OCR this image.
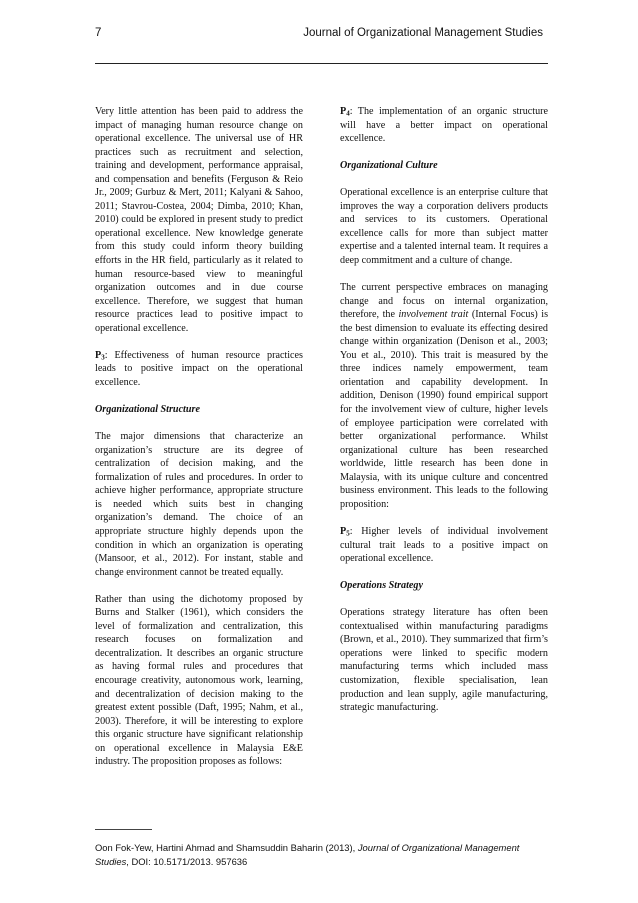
7	Journal of Organizational Management Studies

Very little attention has been paid to address the impact of managing human resource change on operational excellence. The universal use of HR practices such as recruitment and selection, training and development, performance appraisal, and compensation and benefits (Ferguson & Reio Jr., 2009; Gurbuz & Mert, 2011; Kalyani & Sahoo, 2011; Stavrou-Costea, 2004; Dimba, 2010; Khan, 2010) could be explored in present study to predict operational excellence. New knowledge generate from this study could inform theory building efforts in the HR field, particularly as it related to human resource-based view to meaningful organization outcomes and in due course excellence. Therefore, we suggest that human resource practices lead to positive impact to operational excellence.

$P_3$: Effectiveness of human resource practices leads to positive impact on the operational excellence.

Organizational Structure

The major dimensions that characterize an organization’s structure are its degree of centralization of decision making, and the formalization of rules and procedures. In order to achieve higher performance, appropriate structure is needed which suits best in changing organization’s demand. The choice of an appropriate structure highly depends upon the condition in which an organization is operating (Mansoor, et al., 2012). For instant, stable and change environment cannot be treated equally.

Rather than using the dichotomy proposed by Burns and Stalker (1961), which considers the level of formalization and centralization, this research focuses on formalization and decentralization. It describes an organic structure as having formal rules and procedures that encourage creativity, autonomous work, learning, and decentralization of decision making to the greatest extent possible (Daft, 1995; Nahm, et al., 2003). Therefore, it will be interesting to explore this organic structure have significant relationship on operational excellence in Malaysia E&E industry. The proposition proposes as follows:

$P_4$: The implementation of an organic structure will have a better impact on operational excellence.

Organizational Culture

Operational excellence is an enterprise culture that improves the way a corporation delivers products and services to its customers. Operational excellence calls for more than subject matter expertise and a talented internal team. It requires a deep commitment and a culture of change.

The current perspective embraces on managing change and focus on internal organization, therefore, the involvement trait (Internal Focus) is the best dimension to evaluate its effecting desired change within organization (Denison et al., 2003; You et al., 2010). This trait is measured by the three indices namely empowerment, team orientation and capability development. In addition, Denison (1990) found empirical support for the involvement view of culture, higher levels of employee participation were correlated with better organizational performance. Whilst organizational culture has been researched worldwide, little research has been done in Malaysia, with its unique culture and concentred business environment. This leads to the following proposition:

$P_5$: Higher levels of individual involvement cultural trait leads to a positive impact on operational excellence.

Operations Strategy

Operations strategy literature has often been contextualised within manufacturing paradigms (Brown, et al., 2010). They summarized that firm’s operations were linked to specific modern manufacturing terms which included mass customization, flexible specialisation, lean production and lean supply, agile manufacturing, strategic manufacturing.

Oon Fok-Yew, Hartini Ahmad and Shamsuddin Baharin (2013), Journal of Organizational Management Studies, DOI: 10.5171/2013. 957636
